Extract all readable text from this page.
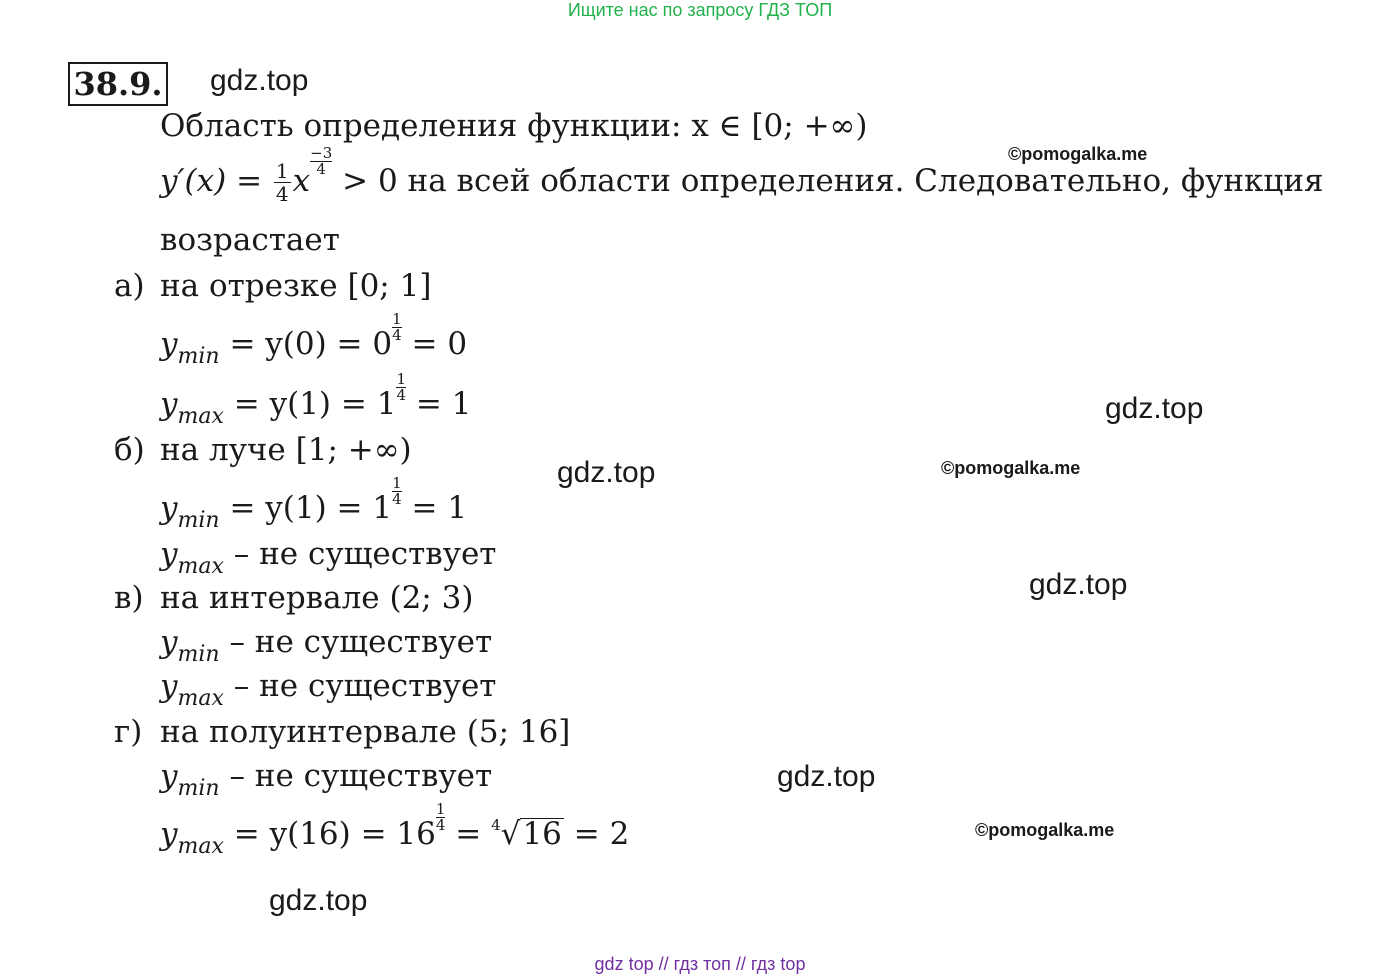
Ищите нас по запросу ГДЗ ТОП
38.9. gdz.top
Область определения функции: x ∈ [0; +∞)
©pomogalka.me
$y'(x) = \frac{1}{4}$ x
$\frac{-3}{4}$
> 0 на всей области определения. Следовательно, функция
возрастает
а) на отрезке [0; 1]
$y_{min} = y(0) = 0 \frac{1}{4} = 0$
$y_{max} = y(1) = 1 \frac{1}{4} = 1$	gdz.top
б) на луче [1; +∞)
gdz.top	©pomogalka.me
$y_{min} = y(1) = 1 \frac{1}{4} = 1$
$y_{max}$ – не существует
в) на интервале (2; 3)	gdz.top
$y_{min}$ – не существует
$y_{max}$ – не существует
г) на полуинтервале (5; 16]
$y_{min}$ – не существует	gdz.top
©pomogalka.me
$y_{max} = y(16) = 16 \frac{1}{4} = ^4√16 = 2$
gdz.top
gdz top // гдз топ // гдз top
